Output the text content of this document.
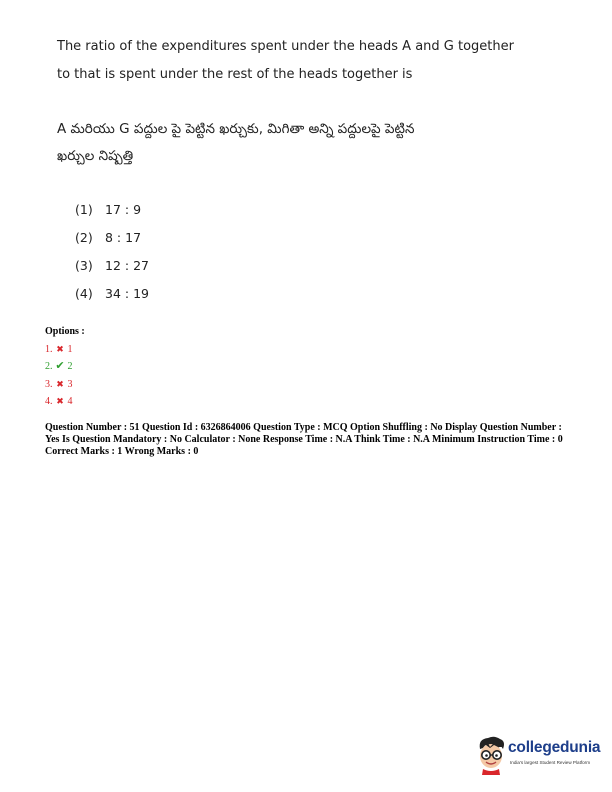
The ratio of the expenditures spent under the heads A and G together
to that is spent under the rest of the heads together is
A మరియు G పద్దుల పై పెట్టిన ఖర్చుకు, మిగితా అన్ని పద్దులపై పెట్టిన
ఖర్చుల నిష్పత్తి
(1) 17 : 9
(2) 8 : 17
(3) 12 : 27
(4) 34 : 19
Options :
1. ✖ 1
2. ✔ 2
3. ✖ 3
4. ✖ 4
Question Number : 51 Question Id : 6326864006 Question Type : MCQ Option Shuffling : No Display Question Number : Yes Is Question Mandatory : No Calculator : None Response Time : N.A Think Time : N.A Minimum Instruction Time : 0
Correct Marks : 1 Wrong Marks : 0
collegedunia
India's largest Student Review Platform
